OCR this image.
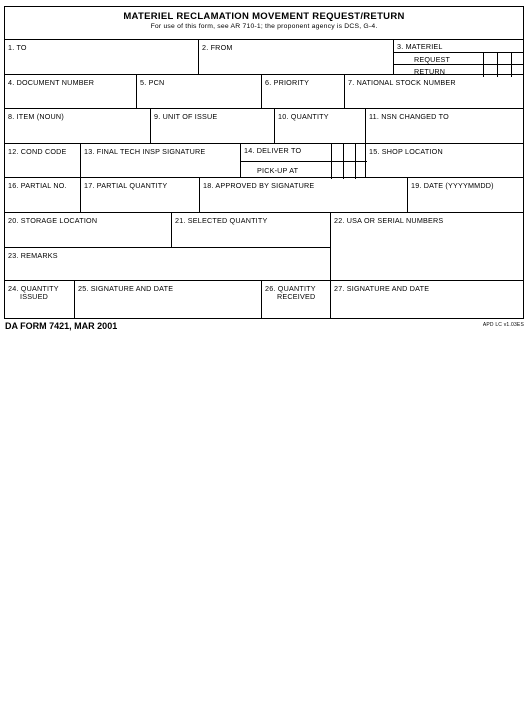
MATERIEL RECLAMATION MOVEMENT REQUEST/RETURN
For use of this form, see AR 710-1; the proponent agency is DCS, G-4.
1. TO	2. FROM	3. MATERIEL
REQUEST
RETURN
4. DOCUMENT NUMBER	5. PCN	6. PRIORITY	7. NATIONAL STOCK NUMBER
8. ITEM (NOUN)	9. UNIT OF ISSUE	10. QUANTITY	11. NSN CHANGED TO
12. COND CODE 13. FINAL TECH INSP SIGNATURE	14. DELIVER TO
PICK-UP AT
15. SHOP LOCATION
16. PARTIAL NO. 17. PARTIAL QUANTITY	18. APPROVED BY SIGNATURE	19. DATE (YYYYMMDD)
20. STORAGE LOCATION	21. SELECTED QUANTITY	22. USA OR SERIAL NUMBERS
23. REMARKS
24. QUANTITY
ISSUED
25. SIGNATURE AND DATE	26. QUANTITY
RECEIVED
27. SIGNATURE AND DATE
DA FORM 7421, MAR 2001	APD LC v1.03ES
